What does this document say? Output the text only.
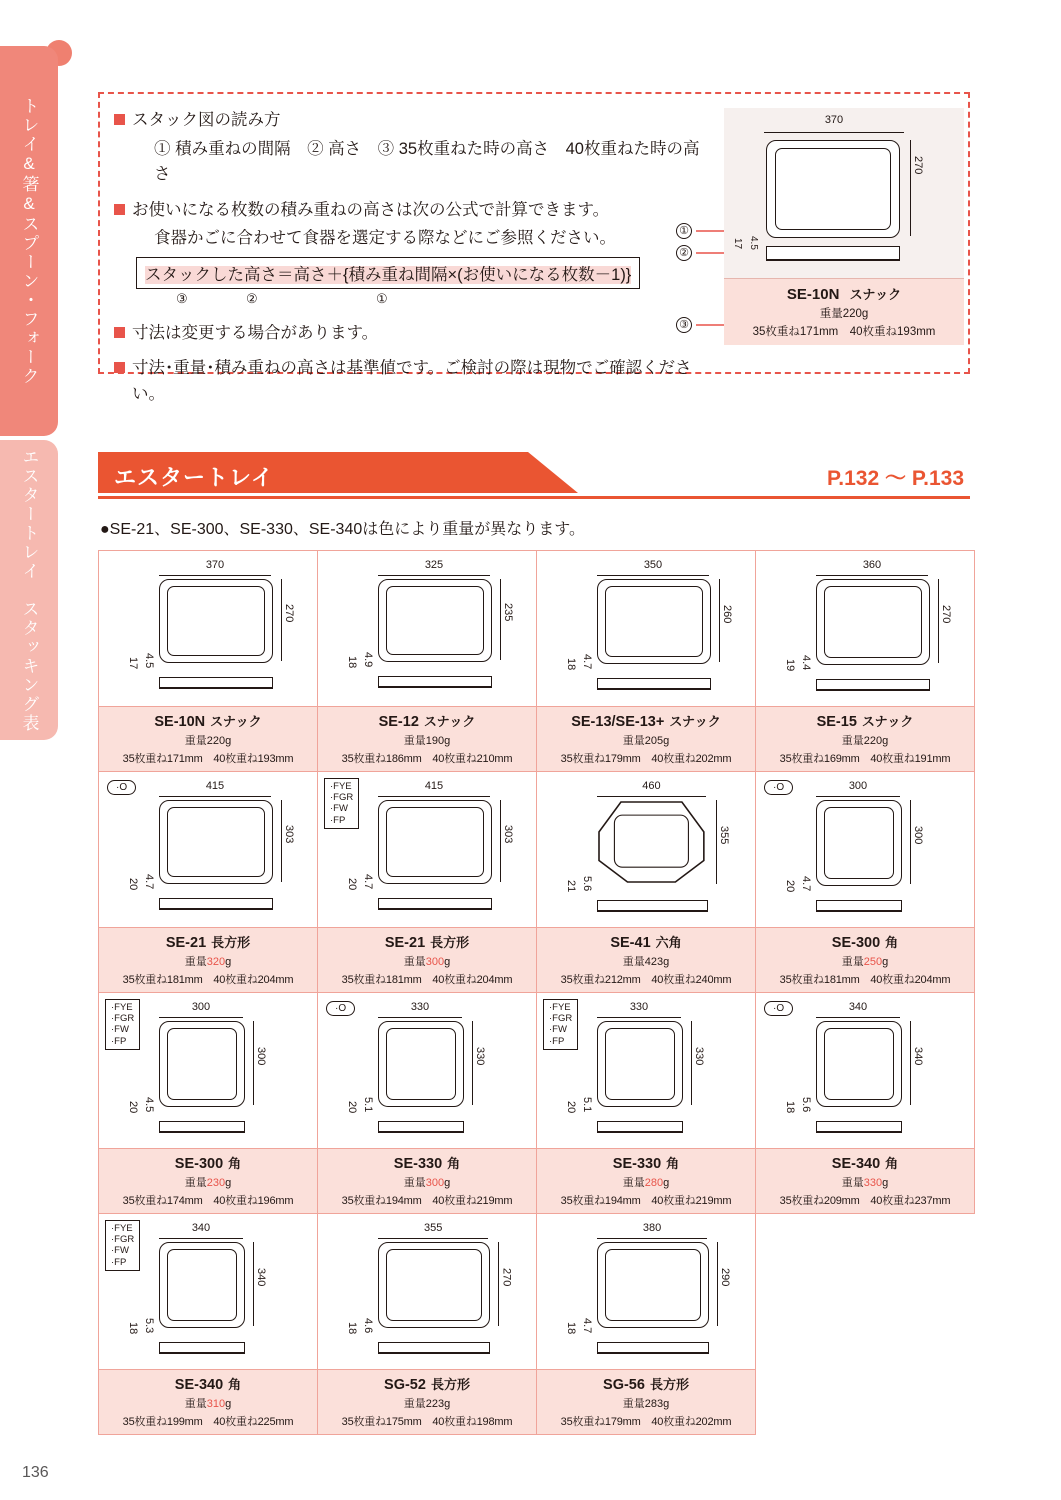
トレイ&箸&スプーン・フォーク
エスタートレイ　スタッキング表
スタック図の読み方
① 積み重ねの間隔　② 高さ　③ 35枚重ねた時の高さ　40枚重ねた時の高さ
お使いになる枚数の積み重ねの高さは次の公式で計算できます。
食器かごに合わせて食器を選定する際などにご参照ください。
スタックした高さ＝高さ＋{積み重ね間隔×(お使いになる枚数－1)}
③	②	①
寸法は変更する場合があります。
寸法･重量･積み重ねの高さは基準値です。ご検討の際は現物でご確認ください。
①
②
③
370
270
4.5
17
SE-10N スナック
重量220g
35枚重ね171mm　40枚重ね193mm
エスタートレイ	P.132 〜 P.133
●SE-21、SE-300、SE-330、SE-340は色により重量が異なります。
370
270
4.5
17
SE-10N スナック
重量220g
35枚重ね171mm　40枚重ね193mm

325
235
4.9
18
SE-12 スナック
重量190g
35枚重ね186mm　40枚重ね210mm

350
260
4.7
18
SE-13/SE-13+ スナック
重量205g
35枚重ね179mm　40枚重ね202mm

360
270
4.4
19
SE-15 スナック
重量220g
35枚重ね169mm　40枚重ね191mm

·O	415
303
4.7
20
SE-21 長方形
重量320g
35枚重ね181mm　40枚重ね204mm

·FYE
·FGR
·FW
·FP
415
303
4.7
20
SE-21 長方形
重量300g
35枚重ね181mm　40枚重ね204mm

460
355
5.6
21
SE-41 六角
重量423g
35枚重ね212mm　40枚重ね240mm

·O	300
300
4.7
20
SE-300 角
重量250g
35枚重ね181mm　40枚重ね204mm

·FYE
·FGR
·FW
·FP
300
300
4.5
20
SE-300 角
重量230g
35枚重ね174mm　40枚重ね196mm

·O	330
330
5.1
20
SE-330 角
重量300g
35枚重ね194mm　40枚重ね219mm

·FYE
·FGR
·FW
·FP
330
330
5.1
20
SE-330 角
重量280g
35枚重ね194mm　40枚重ね219mm

·O	340
340
5.6
18
SE-340 角
重量330g
35枚重ね209mm　40枚重ね237mm

·FYE
·FGR
·FW
·FP
340
340
5.3
18
SE-340 角
重量310g
35枚重ね199mm　40枚重ね225mm

355
270
4.6
18
SG-52 長方形
重量223g
35枚重ね175mm　40枚重ね198mm

380
290
4.7
18
SG-56 長方形
重量283g
35枚重ね179mm　40枚重ね202mm

136
